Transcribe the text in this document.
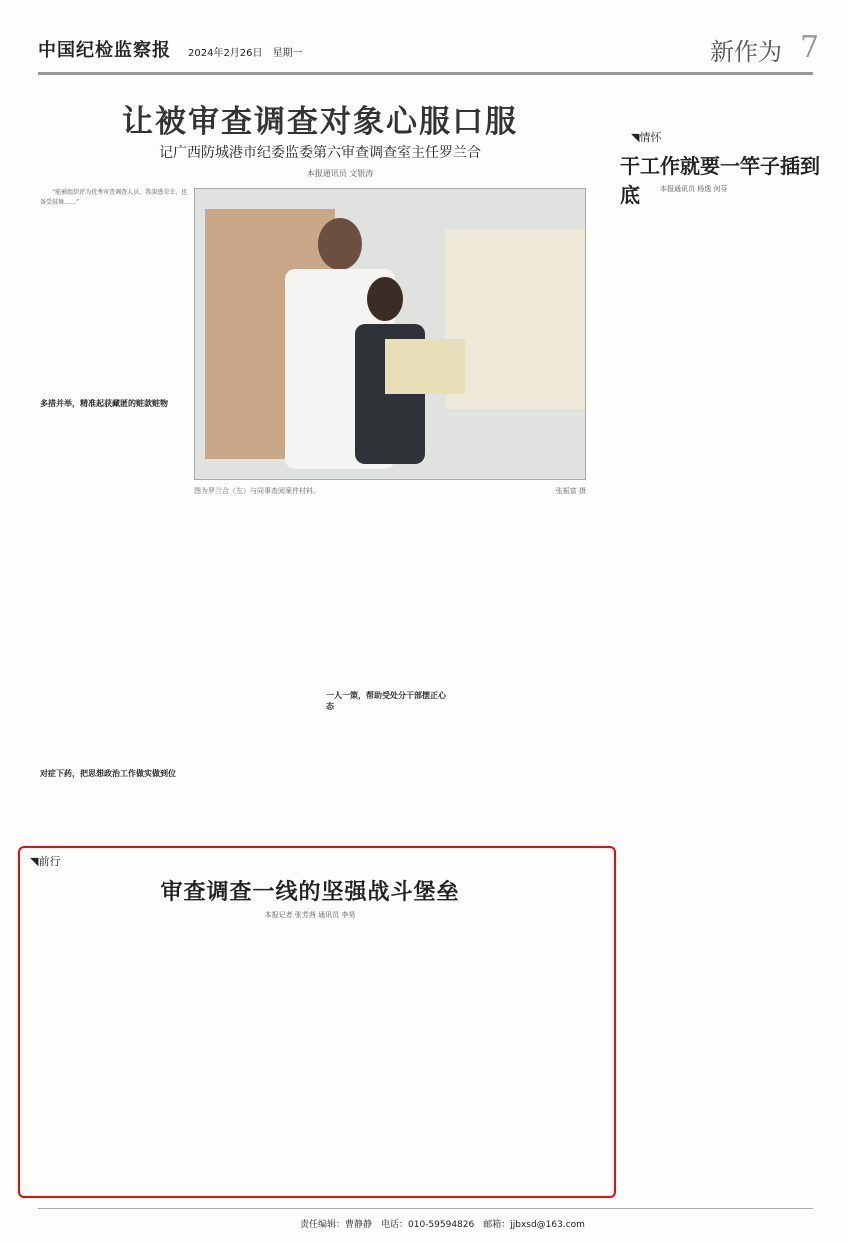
中国纪检监察报 2024年2月26日　星期一	新作为 7
让被审查调查对象心服口服
记广西防城港市纪委监委第六审查调查室主任罗兰合
本报通讯员 文银涛
图为罗兰合（左）与同事查阅案件材料。	张振富 摄
“能被组织评为优秀审查调查人员，我深感荣幸，也备受鼓舞……”
多措并举，精准起获藏匿的赃款赃物
对症下药，把思想政治工作做实做到位
一人一策，帮助受处分干部摆正心态
◥情怀
干工作就要一竿子插到底	本报通讯员 杨逸 何芬
◥前行
审查调查一线的坚强战斗堡垒
本报记者 张芳茜 通讯员 李昊
责任编辑：曹静静　电话：010-59594826　邮箱：jjbxsd@163.com
